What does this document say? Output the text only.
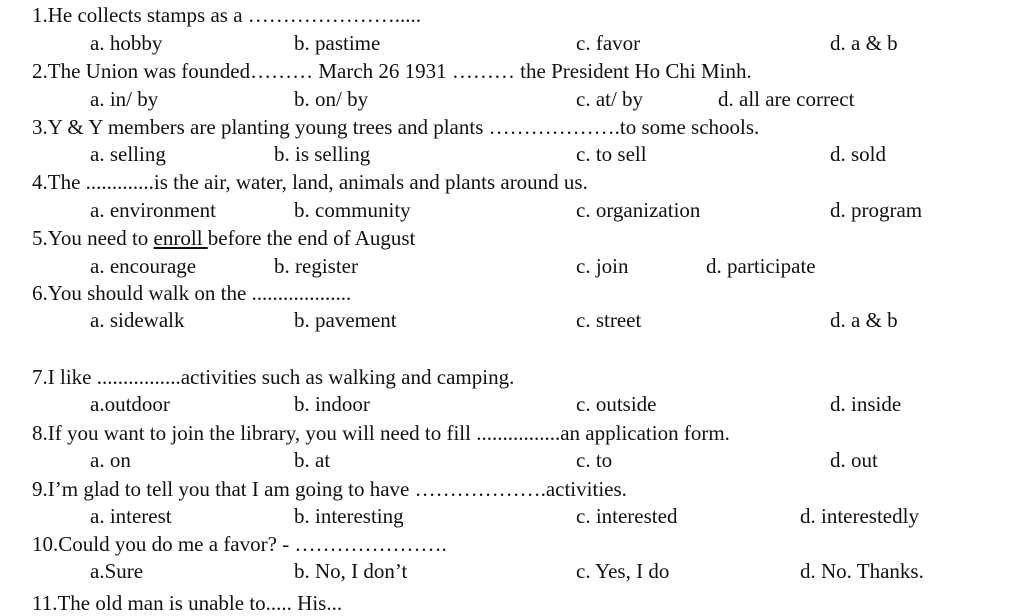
1.He collects stamps as a ………………….....
a. hobby	b. pastime	c. favor	d. a & b
2.The Union was founded……… March 26 1931 ……… the President Ho Chi Minh.
a. in/ by	b. on/ by	c. at/ by	d. all are correct
3.Y & Y members are planting young trees and plants ……………….to some schools.
a. selling	b. is selling	c. to sell	d. sold
4.The .............is the air, water, land, animals and plants around us.
a. environment	b. community	c. organization	d. program
5.You need to enroll before the end of August
a. encourage	b. register	c. join	d. participate
6.You should walk on the ...................
a. sidewalk	b. pavement	c. street	d. a & b
7.I like ................activities such as walking and camping.
a.outdoor	b. indoor	c. outside	d. inside
8.If you want to join the library, you will need to fill ................an application form.
a. on	b. at	c. to	d. out
9.I’m glad to tell you that I am going to have ……………….activities.
a. interest	b. interesting	c. interested	d. interestedly
10.Could you do me a favor? - ………………….
a.Sure	b. No, I don’t	c. Yes, I do	d. No. Thanks.
11.The old man is unable to..... His...
